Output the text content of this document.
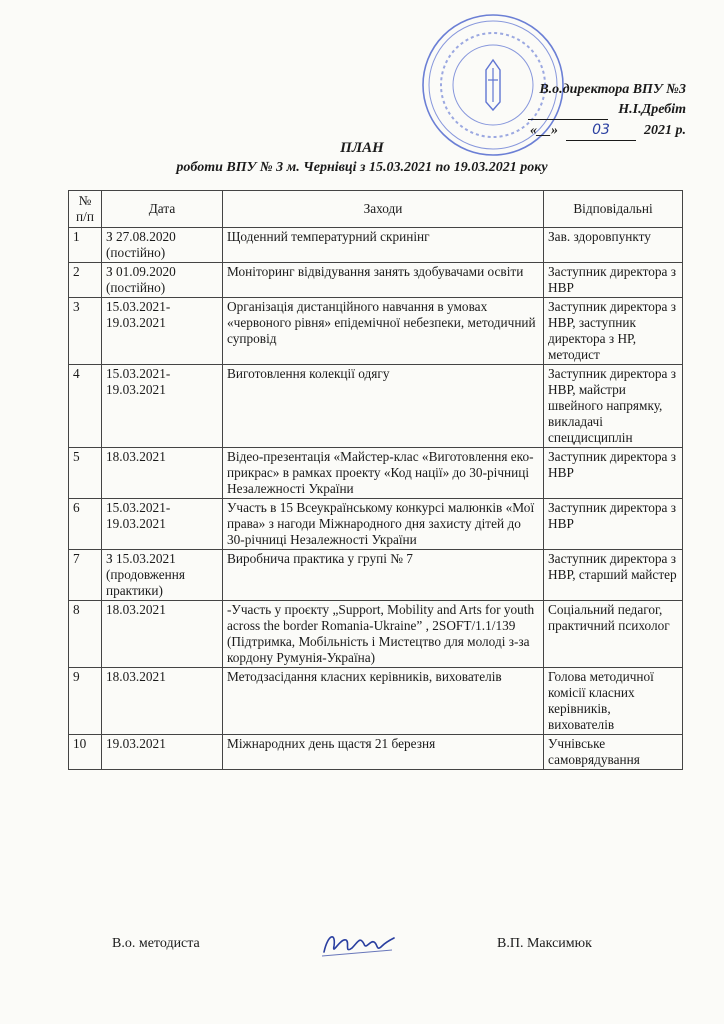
В.о.директора ВПУ №3
Н.І.Дребіт
«__» 03 2021 р.
ПЛАН
роботи ВПУ № 3 м. Чернівці з 15.03.2021 по 19.03.2021 року
№ п/п	Дата	Заходи	Відповідальні
1	З 27.08.2020 (постійно)	Щоденний температурний скринінг	Зав. здоровпункту
2	З 01.09.2020 (постійно)	Моніторинг відвідування занять здобувачами освіти	Заступник директора з НВР
3	15.03.2021-19.03.2021	Організація дистанційного навчання в умовах «червоного рівня» епідемічної небезпеки, методичний супровід	Заступник директора з НВР, заступник директора з НР, методист
4	15.03.2021-19.03.2021	Виготовлення колекції одягу	Заступник директора з НВР, майстри швейного напрямку, викладачі спецдисциплін
5	18.03.2021	Відео-презентація «Майстер-клас «Виготовлення еко-прикрас» в рамках проекту «Код нації» до 30-річниці Незалежності України	Заступник директора з НВР
6	15.03.2021-19.03.2021	Участь в 15 Всеукраїнському конкурсі малюнків «Мої права» з нагоди Міжнародного дня захисту дітей до 30-річниці Незалежності України	Заступник директора з НВР
7	З 15.03.2021 (продовження практики)	Виробнича практика у групі № 7	Заступник директора з НВР, старший майстер
8	18.03.2021	-Участь у проєкту „Support, Mobility and Arts for youth across the border Romania-Ukraine” , 2SOFT/1.1/139 (Підтримка, Мобільність і Мистецтво для молоді з-за кордону Румунія-Україна)	Соціальний педагог, практичний психолог
9	18.03.2021	Методзасідання класних керівників, вихователів	Голова методичної комісії класних керівників, вихователів
10	19.03.2021	Міжнародних день щастя 21 березня	Учнівське самоврядування
В.о. методиста	В.П. Максимюк
